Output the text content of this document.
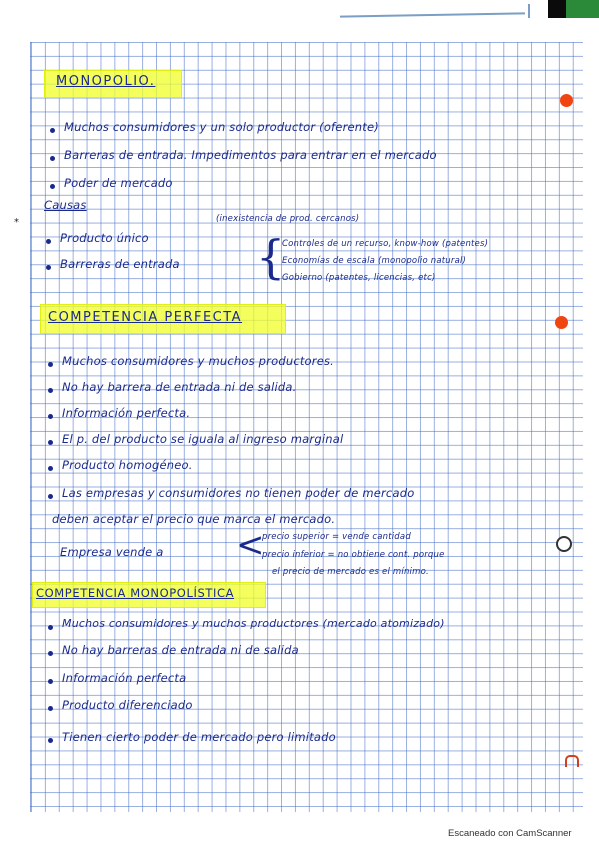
⁎
MONOPOLIO.
Muchos consumidores y un solo productor (oferente)
Barreras de entrada. Impedimentos para entrar en el mercado
Poder de mercado
Causas
Producto único
(inexistencia de prod. cercanos)
Barreras de entrada {
Controles de un recurso, know-how (patentes)
Economías de escala (monopolio natural)
Gobierno (patentes, licencias, etc)
COMPETENCIA PERFECTA
Muchos consumidores y muchos productores.
No hay barrera de entrada ni de salida.
Información perfecta.
El p. del producto se iguala al ingreso marginal
Producto homogéneo.
Las empresas y consumidores no tienen poder de mercado
deben aceptar el precio que marca el mercado.
Empresa vende a <
precio superior = vende cantidad
precio inferior = no obtiene cont. porque
el precio de mercado es el mínimo.
COMPETENCIA MONOPOLÍSTICA
Muchos consumidores y muchos productores (mercado atomizado)
No hay barreras de entrada ni de salida
Información perfecta
Producto diferenciado
Tienen cierto poder de mercado pero limitado
Escaneado con CamScanner
